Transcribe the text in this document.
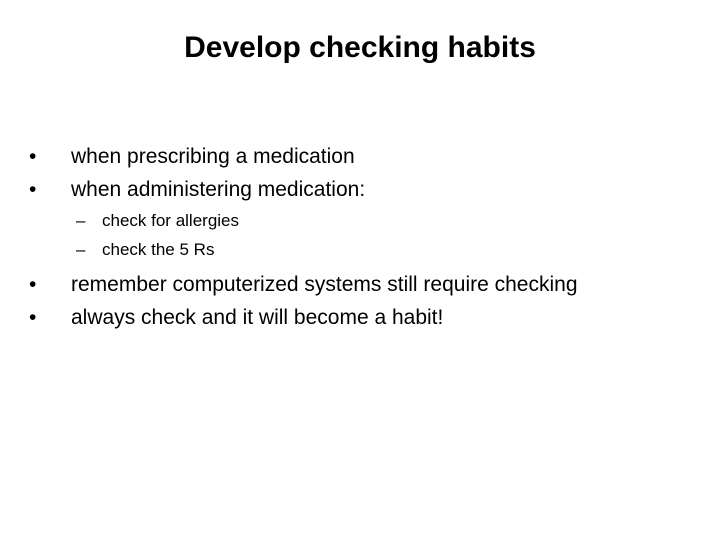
Develop checking habits
• when prescribing a medication
• when administering medication:
– check for allergies
– check the 5 Rs
• remember computerized systems still require checking
• always check and it will become a habit!
